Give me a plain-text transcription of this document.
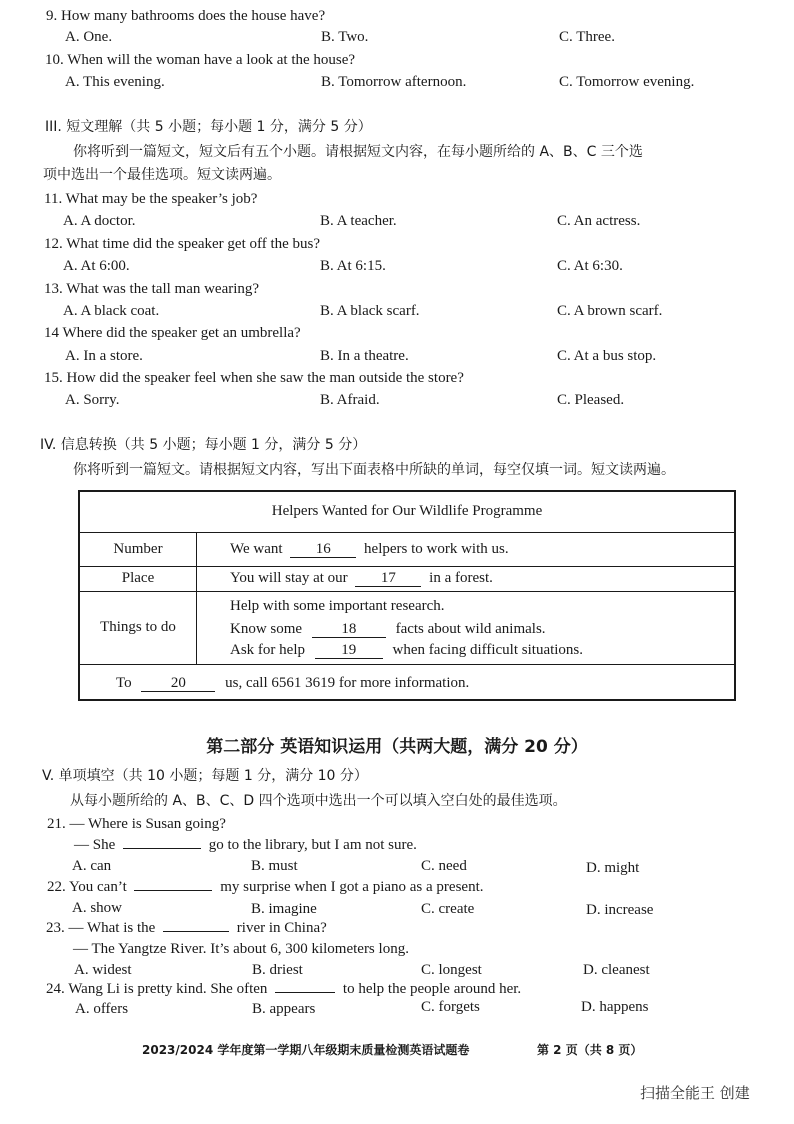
9. How many bathrooms does the house have?
A. One.	B. Two.	C. Three.
10. When will the woman have a look at the house?
A. This evening.	B. Tomorrow afternoon.	C. Tomorrow evening.
III. 短文理解（共 5 小题；每小题 1 分，满分 5 分）
你将听到一篇短文，短文后有五个小题。请根据短文内容，在每小题所给的 A、B、C 三个选
项中选出一个最佳选项。短文读两遍。
11. What may be the speaker’s job?
A. A doctor.	B. A teacher.	C. An actress.
12. What time did the speaker get off the bus?
A. At 6:00.	B. At 6:15.	C. At 6:30.
13. What was the tall man wearing?
A. A black coat.	B. A black scarf.	C. A brown scarf.
14 Where did the speaker get an umbrella?
A. In a store.	B. In a theatre.	C. At a bus stop.
15. How did the speaker feel when she saw the man outside the store?
A. Sorry.	B. Afraid.	C. Pleased.
IV. 信息转换（共 5 小题；每小题 1 分，满分 5 分）
你将听到一篇短文。请根据短文内容，写出下面表格中所缺的单词，每空仅填一词。短文读两遍。
Helpers Wanted for Our Wildlife Programme
Number	We want 16 helpers to work with us.
Place	You will stay at our 17 in a forest.
Things to do
Help with some important research.
Know some	18	facts about wild animals.
Ask for help 19 when facing difficult situations.
To	20	us, call 6561 3619 for more information.
第二部分 英语知识运用（共两大题，满分 20 分）
V. 单项填空（共 10 小题；每题 1 分，满分 10 分）
从每小题所给的 A、B、C、D 四个选项中选出一个可以填入空白处的最佳选项。
21. — Where is Susan going?
— She	go to the library, but I am not sure.
A. can	B. must	C. need	D. might
22. You can’t	my surprise when I got a piano as a present.
A. show	B. imagine	C. create	D. increase
23. — What is the	river in China?
— The Yangtze River. It’s about 6, 300 kilometers long.
A. widest	B. driest	C. longest	D. cleanest
24. Wang Li is pretty kind. She often	to help the people around her.
A. offers	B. appears	C. forgets	D. happens
2023/2024 学年度第一学期八年级期末质量检测英语试题卷	第 2 页（共 8 页）
扫描全能王 创建
